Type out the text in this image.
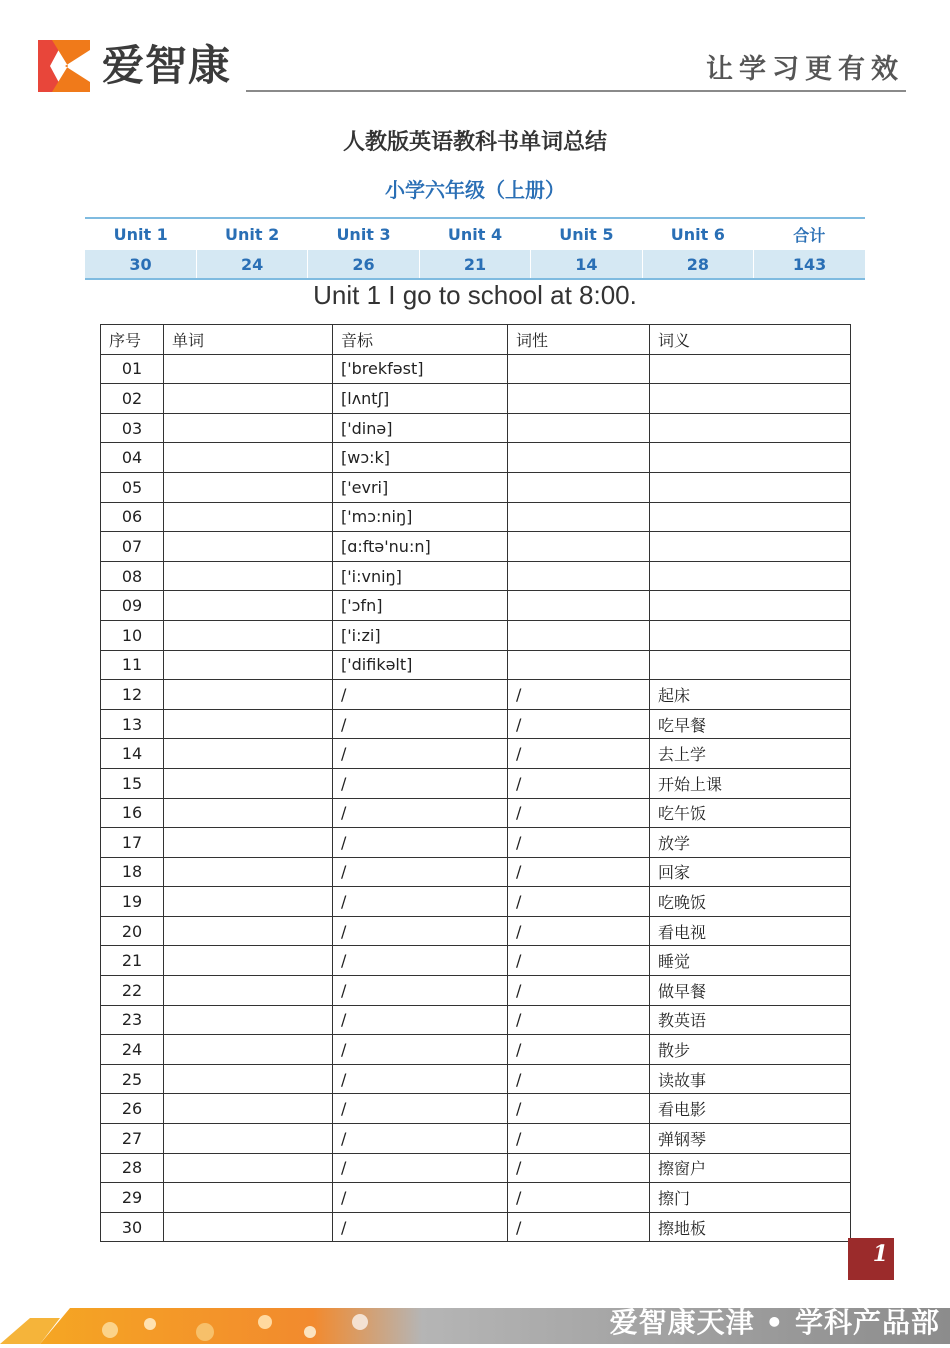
爱智康	让学习更有效
人教版英语教科书单词总结
小学六年级（上册）
Unit 1	Unit 2	Unit 3	Unit 4	Unit 5	Unit 6	合计
30	24	26	21	14	28	143
Unit 1 I go to school at 8:00.
序号	单词	音标	词性	词义
01		['brekfəst]		
02		[lʌntʃ]		
03		['dinə]		
04		[wɔ:k]		
05		['evri]		
06		['mɔ:niŋ]		
07		[ɑ:ftə'nu:n]		
08		['i:vniŋ]		
09		['ɔfn]		
10		['i:zi]		
11		['difikəlt]		
12		/	/	起床
13		/	/	吃早餐
14		/	/	去上学
15		/	/	开始上课
16		/	/	吃午饭
17		/	/	放学
18		/	/	回家
19		/	/	吃晚饭
20		/	/	看电视
21		/	/	睡觉
22		/	/	做早餐
23		/	/	教英语
24		/	/	散步
25		/	/	读故事
26		/	/	看电影
27		/	/	弹钢琴
28		/	/	擦窗户
29		/	/	擦门
30		/	/	擦地板
1
爱智康天津 • 学科产品部
